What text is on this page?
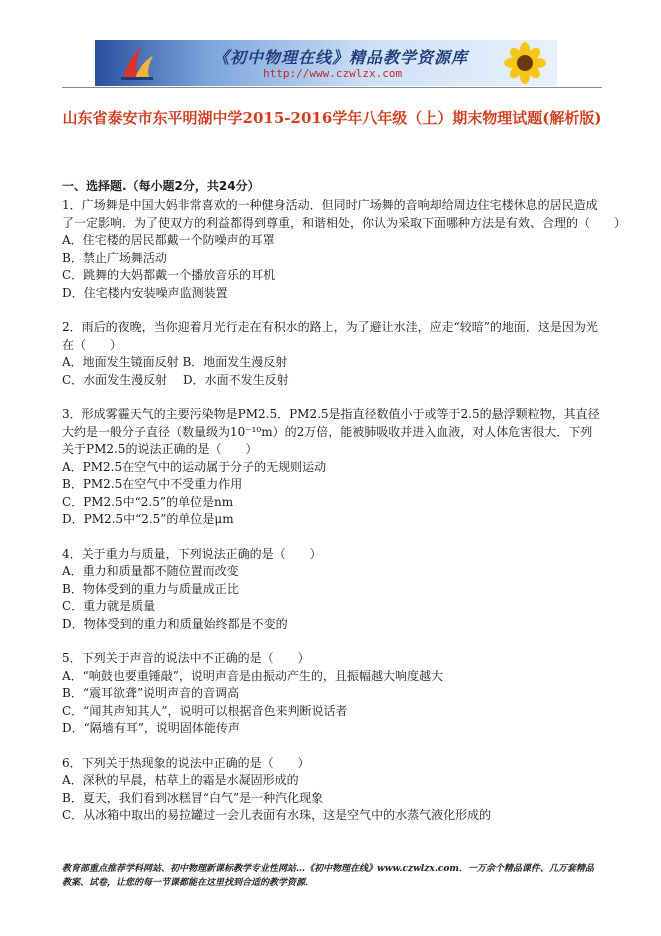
《初中物理在线》精品教学资源库
http://www.czwlzx.com
山东省泰安市东平明湖中学2015-2016学年八年级（上）期末物理试题(解析版)
一、选择题.（每小题2分，共24分）
1．广场舞是中国大妈非常喜欢的一种健身活动．但同时广场舞的音响却给周边住宅楼休息的居民造成
了一定影响．为了使双方的利益都得到尊重，和谐相处，你认为采取下面哪种方法是有效、合理的（　　）
A．住宅楼的居民都戴一个防噪声的耳罩
B．禁止广场舞活动
C．跳舞的大妈都戴一个播放音乐的耳机
D．住宅楼内安装噪声监测装置
2．雨后的夜晚，当你迎着月光行走在有积水的路上，为了避让水洼，应走“较暗”的地面．这是因为光
在（　　）
A．地面发生镜面反射 B．地面发生漫反射
C．水面发生漫反射　 D．水面不发生反射
3．形成雾霾天气的主要污染物是PM2.5．PM2.5是指直径数值小于或等于2.5的悬浮颗粒物，其直径
大约是一般分子直径（数量级为10⁻¹⁰m）的2万倍，能被肺吸收并进入血液，对人体危害很大．下列
关于PM2.5的说法正确的是（　　）
A．PM2.5在空气中的运动属于分子的无规则运动
B．PM2.5在空气中不受重力作用
C．PM2.5中“2.5”的单位是nm
D．PM2.5中“2.5”的单位是μm
4．关于重力与质量，下列说法正确的是（　　）
A．重力和质量都不随位置而改变
B．物体受到的重力与质量成正比
C．重力就是质量
D．物体受到的重力和质量始终都是不变的
5．下列关于声音的说法中不正确的是（　　）
A．“响鼓也要重锤敲”，说明声音是由振动产生的，且振幅越大响度越大
B．“震耳欲聋”说明声音的音调高
C．“闻其声知其人”，说明可以根据音色来判断说话者
D．“隔墙有耳”，说明固体能传声
6．下列关于热现象的说法中正确的是（　　）
A．深秋的早晨，枯草上的霜是水凝固形成的
B．夏天，我们看到冰糕冒“白气”是一种汽化现象
C．从冰箱中取出的易拉罐过一会儿表面有水珠，这是空气中的水蒸气液化形成的
教育部重点推荐学科网站、初中物理新课标教学专业性网站…《初中物理在线》www.czwlzx.com．一万余个精品课件、几万套精品教案、试卷，让您的每一节课都能在这里找到合适的教学资源．
